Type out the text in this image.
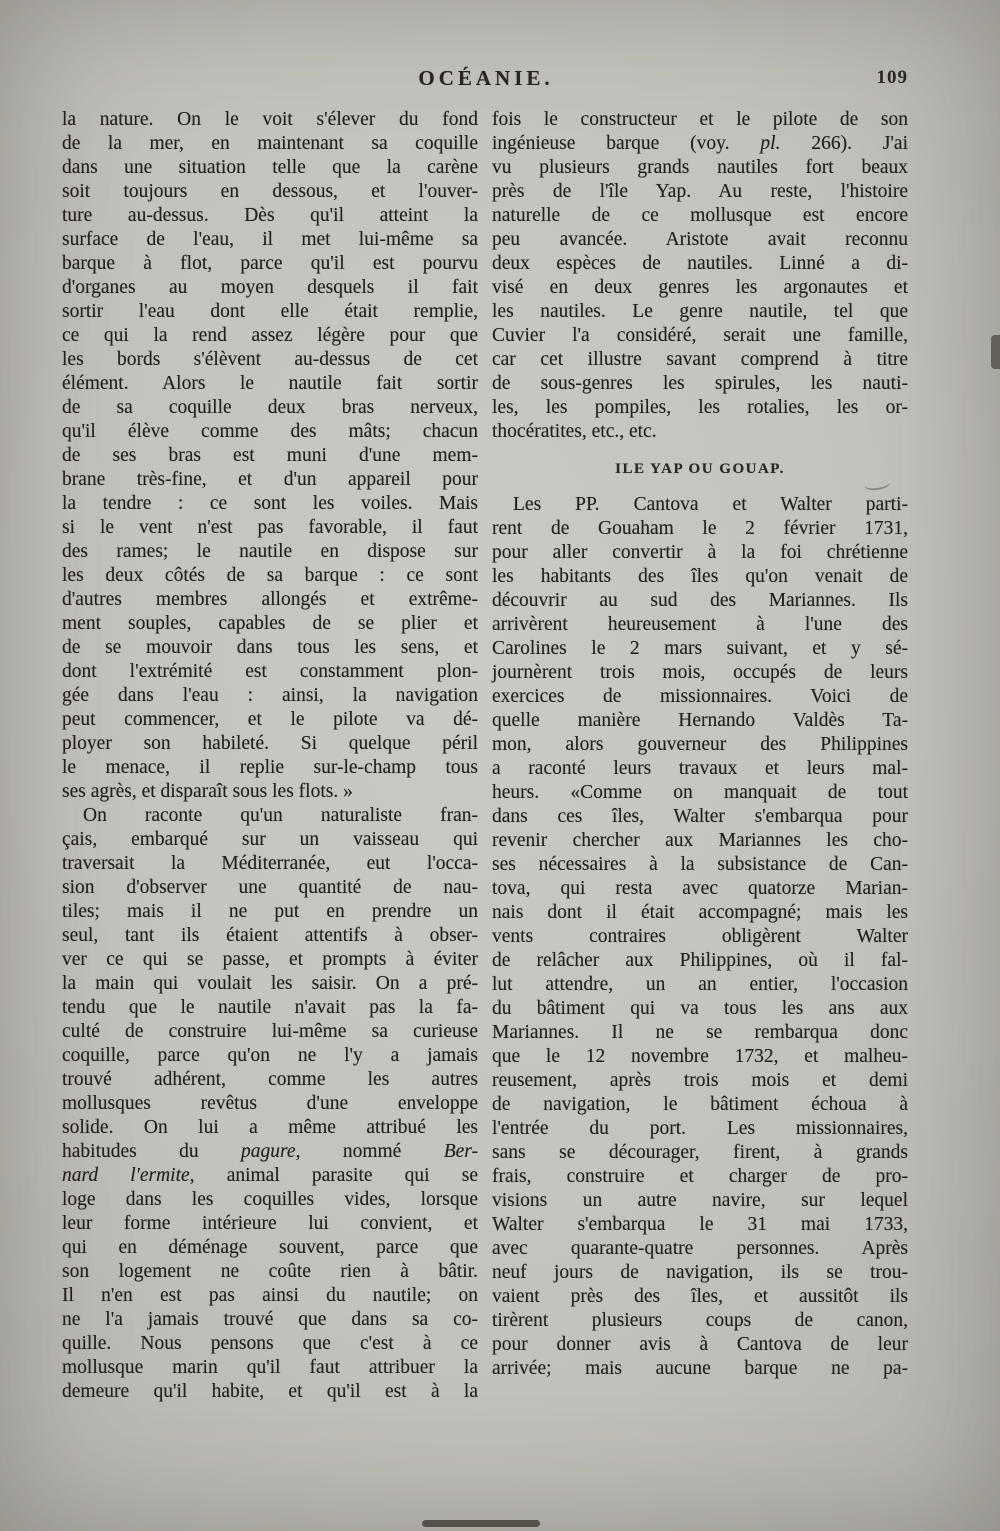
OCÉANIE.	109
la nature. On le voit s'élever du fond
de la mer, en maintenant sa coquille
dans une situation telle que la carène
soit toujours en dessous, et l'ouver-
ture au-dessus. Dès qu'il atteint la
surface de l'eau, il met lui-même sa
barque à flot, parce qu'il est pourvu
d'organes au moyen desquels il fait
sortir l'eau dont elle était remplie,
ce qui la rend assez légère pour que
les bords s'élèvent au-dessus de cet
élément. Alors le nautile fait sortir
de sa coquille deux bras nerveux,
qu'il élève comme des mâts; chacun
de ses bras est muni d'une mem-
brane très-fine, et d'un appareil pour
la tendre : ce sont les voiles. Mais
si le vent n'est pas favorable, il faut
des rames; le nautile en dispose sur
les deux côtés de sa barque : ce sont
d'autres membres allongés et extrême-
ment souples, capables de se plier et
de se mouvoir dans tous les sens, et
dont l'extrémité est constamment plon-
gée dans l'eau : ainsi, la navigation
peut commencer, et le pilote va dé-
ployer son habileté. Si quelque péril
le menace, il replie sur-le-champ tous
ses agrès, et disparaît sous les flots. »
On raconte qu'un naturaliste fran-
çais, embarqué sur un vaisseau qui
traversait la Méditerranée, eut l'occa-
sion d'observer une quantité de nau-
tiles; mais il ne put en prendre un
seul, tant ils étaient attentifs à obser-
ver ce qui se passe, et prompts à éviter
la main qui voulait les saisir. On a pré-
tendu que le nautile n'avait pas la fa-
culté de construire lui-même sa curieuse
coquille, parce qu'on ne l'y a jamais
trouvé adhérent, comme les autres
mollusques revêtus d'une enveloppe
solide. On lui a même attribué les
habitudes du pagure, nommé Ber-
nard l'ermite, animal parasite qui se
loge dans les coquilles vides, lorsque
leur forme intérieure lui convient, et
qui en déménage souvent, parce que
son logement ne coûte rien à bâtir.
Il n'en est pas ainsi du nautile; on
ne l'a jamais trouvé que dans sa co-
quille. Nous pensons que c'est à ce
mollusque marin qu'il faut attribuer la
demeure qu'il habite, et qu'il est à la
fois le constructeur et le pilote de son
ingénieuse barque (voy. pl. 266). J'ai
vu plusieurs grands nautiles fort beaux
près de l'île Yap. Au reste, l'histoire
naturelle de ce mollusque est encore
peu avancée. Aristote avait reconnu
deux espèces de nautiles. Linné a di-
visé en deux genres les argonautes et
les nautiles. Le genre nautile, tel que
Cuvier l'a considéré, serait une famille,
car cet illustre savant comprend à titre
de sous-genres les spirules, les nauti-
les, les pompiles, les rotalies, les or-
thocératites, etc., etc.
ILE YAP OU GOUAP.
Les PP. Cantova et Walter parti-
rent de Gouaham le 2 février 1731,
pour aller convertir à la foi chrétienne
les habitants des îles qu'on venait de
découvrir au sud des Mariannes. Ils
arrivèrent heureusement à l'une des
Carolines le 2 mars suivant, et y sé-
journèrent trois mois, occupés de leurs
exercices de missionnaires. Voici de
quelle manière Hernando Valdès Ta-
mon, alors gouverneur des Philippines
a raconté leurs travaux et leurs mal-
heurs. «Comme on manquait de tout
dans ces îles, Walter s'embarqua pour
revenir chercher aux Mariannes les cho-
ses nécessaires à la subsistance de Can-
tova, qui resta avec quatorze Marian-
nais dont il était accompagné; mais les
vents contraires obligèrent Walter
de relâcher aux Philippines, où il fal-
lut attendre, un an entier, l'occasion
du bâtiment qui va tous les ans aux
Mariannes. Il ne se rembarqua donc
que le 12 novembre 1732, et malheu-
reusement, après trois mois et demi
de navigation, le bâtiment échoua à
l'entrée du port. Les missionnaires,
sans se décourager, firent, à grands
frais, construire et charger de pro-
visions un autre navire, sur lequel
Walter s'embarqua le 31 mai 1733,
avec quarante-quatre personnes. Après
neuf jours de navigation, ils se trou-
vaient près des îles, et aussitôt ils
tirèrent plusieurs coups de canon,
pour donner avis à Cantova de leur
arrivée; mais aucune barque ne pa-
